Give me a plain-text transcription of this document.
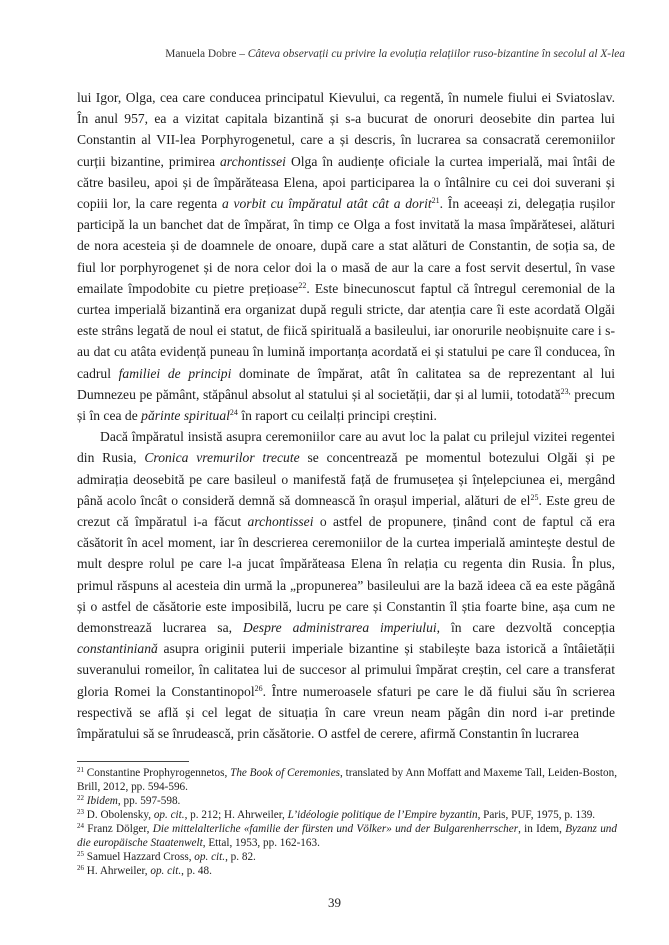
Manuela Dobre – Câteva observații cu privire la evoluția relațiilor ruso-bizantine în secolul al X-lea

lui Igor, Olga, cea care conducea principatul Kievului, ca regentă, în numele fiului ei Sviatoslav. În anul 957, ea a vizitat capitala bizantină și s-a bucurat de onoruri deosebite din partea lui Constantin al VII-lea Porphyrogenetul, care a și descris, în lucrarea sa consacrată ceremoniilor curții bizantine, primirea archontissei Olga în audiențe oficiale la curtea imperială, mai întâi de către basileu, apoi și de împărăteasa Elena, apoi participarea la o întâlnire cu cei doi suverani și copiii lor, la care regenta a vorbit cu împăratul atât cât a dorit$^{21}$. În aceeași zi, delegația rușilor participă la un banchet dat de împărat, în timp ce Olga a fost invitată la masa împărătesei, alături de nora acesteia și de doamnele de onoare, după care a stat alături de Constantin, de soția sa, de fiul lor porphyrogenet și de nora celor doi la o masă de aur la care a fost servit desertul, în vase emailate împodobite cu pietre prețioase$^{22}$. Este binecunoscut faptul că întregul ceremonial de la curtea imperială bizantină era organizat după reguli stricte, dar atenția care îi este acordată Olgăi este strâns legată de noul ei statut, de fiică spirituală a basileului, iar onorurile neobișnuite care i s-au dat cu atâta evidență puneau în lumină importanța acordată ei și statului pe care îl conducea, în cadrul familiei de principi dominate de împărat, atât în calitatea sa de reprezentant al lui Dumnezeu pe pământ, stăpânul absolut al statului și al societății, dar și al lumii, totodată$^{23,}$ precum și în cea de părinte spiritual$^{24}$ în raport cu ceilalți principi creștini.

Dacă împăratul insistă asupra ceremoniilor care au avut loc la palat cu prilejul vizitei regentei din Rusia, Cronica vremurilor trecute se concentrează pe momentul botezului Olgăi și pe admirația deosebită pe care basileul o manifestă față de frumusețea și înțelepciunea ei, mergând până acolo încât o consideră demnă să domnească în orașul imperial, alături de $el^{25}$. Este greu de crezut că împăratul i-a făcut archontissei o astfel de propunere, ținând cont de faptul că era căsătorit în acel moment, iar în descrierea ceremoniilor de la curtea imperială amintește destul de mult despre rolul pe care l-a jucat împărăteasa Elena în relația cu regenta din Rusia. În plus, primul răspuns al acesteia din urmă la „propunerea” basileului are la bază ideea că ea este păgână și o astfel de căsătorie este imposibilă, lucru pe care și Constantin îl știa foarte bine, așa cum ne demonstrează lucrarea sa, Despre administrarea imperiului, în care dezvoltă concepția constantiniană asupra originii puterii imperiale bizantine și stabilește baza istorică a întâietății suveranului romeilor, în calitatea lui de succesor al primului împărat creștin, cel care a transferat gloria Romei la Constantinopol$^{26}$. Între numeroasele sfaturi pe care le dă fiului său în scrierea respectivă se află și cel legat de situația în care vreun neam păgân din nord i-ar pretinde împăratului să se înrudească, prin căsătorie. O astfel de cerere, afirmă Constantin în lucrarea

$^{21}$ Constantine Prophyrogennetos, The Book of Ceremonies, translated by Ann Moffatt and Maxeme Tall, Leiden-Boston, Brill, 2012, pp. 594-596.

$^{22}$ Ibidem, pp. 597-598.

$^{23}$ D. Obolensky, op. cit., p. 212; H. Ahrweiler, L’idéologie politique de l’Empire byzantin, Paris, PUF, 1975, p. 139.

$^{24}$ Franz Dölger, Die mittelalterliche «familie der fürsten und Völker» und der Bulgarenherrscher, in Idem, Byzanz und die europäische Staatenwelt, Ettal, 1953, pp. 162-163.

$^{25}$ Samuel Hazzard Cross, op. cit., p. 82.

$^{26}$ H. Ahrweiler, op. cit., p. 48.

39
